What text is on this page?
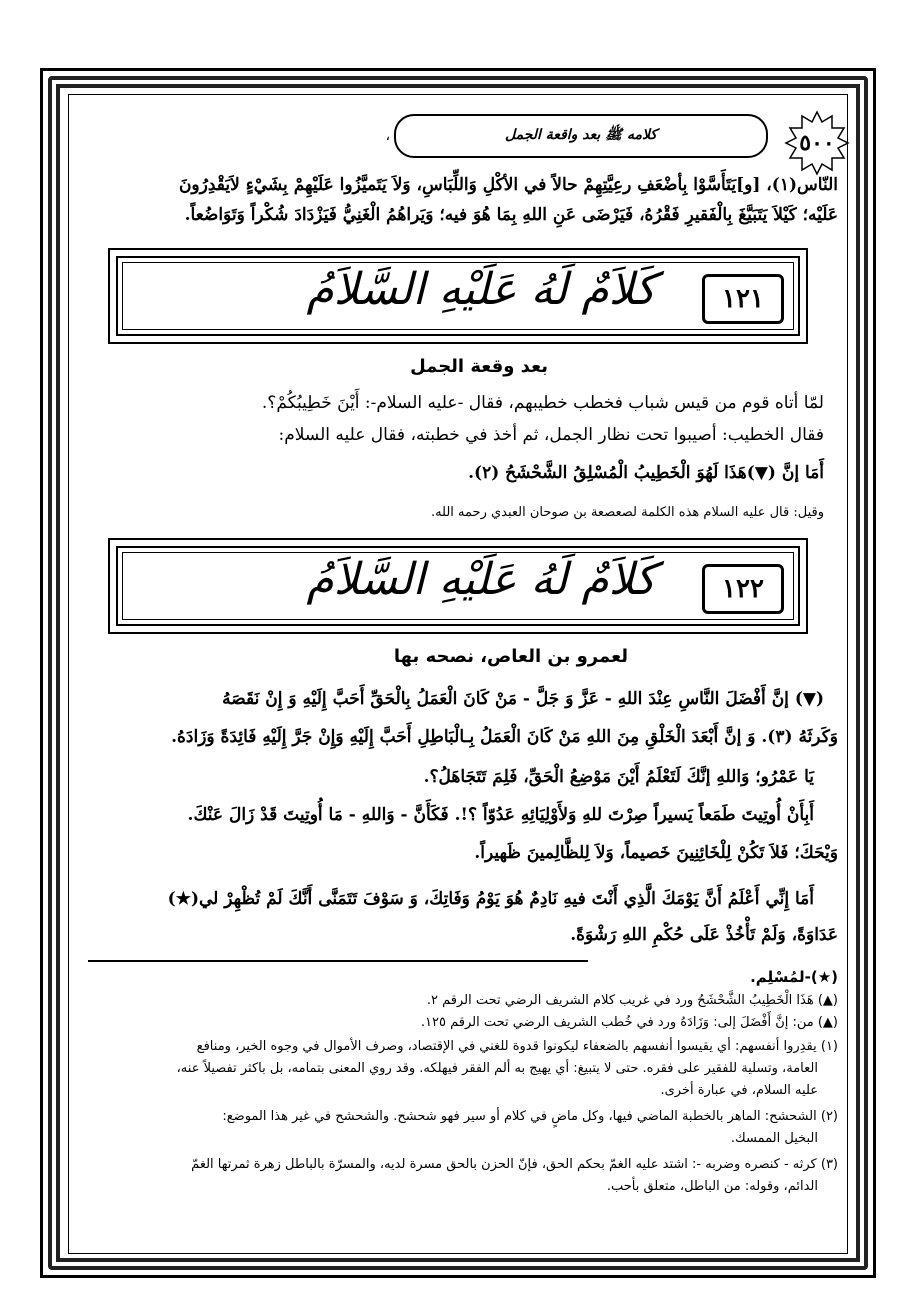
٥٠٠
كلامه ﷺ بعد واقعة الجمل
،
النّاس(١)، [و]يَتَأَسَّوْا بِأضْعَفِ رعِيَّتِهِمْ حالاً في الأكْلِ وَاللِّبَاسِ، وَلاَ يَتَميَّزُوا عَلَيْهِمْ بِشَيْءٍ لاَيَقْدِرُونَ
عَلَيْه؛ كَيْلاَ يَتَبَيَّغَ بِالْفَقيرِ فَقْرُهُ، فَيَرْضَى عَنِ اللهِ بِمَا هُوَ فيه؛ وَيَراهُمُ الْغَنِيُّ فَيَزْدَادَ شُكْراً وَتَوَاضُعاً.
كَلاَمٌ لَهُ عَلَيْهِ السَّلاَمُ	١٢١
بعد وقعة الجمل
لمّا أتاه قوم من قيس شباب فخطب خطيبهم، فقال -عليه السلام-: أَيْنَ خَطِيبُكُمْ؟.
فقال الخطيب: أصيبوا تحت نظار الجمل، ثم أخذ في خطبته، فقال عليه السلام:
أَمَا إنَّ (▼)هَذَا لَهُوَ الْخَطِيبُ الْمُسْلِقُ الشَّحْشَحُ (٢).
وقيل: قال عليه السلام هذه الكلمة لصعصعة بن صوحان العبدي رحمه الله.
كَلاَمٌ لَهُ عَلَيْهِ السَّلاَمُ	١٢٢
لعمرو بن العاص، نصحه بها
(▼) إنَّ أَفْضَلَ النَّاسِ عِنْدَ اللهِ - عَزَّ وَ جَلَّ - مَنْ كَانَ الْعَمَلُ بِالْحَقِّ أَحَبَّ إِلَيْهِ وَ إِنْ نَقَصَهُ
وَكَرثَهُ (٣). وَ إنَّ أَبْعَدَ الْخَلْقِ مِنَ اللهِ مَنْ كَانَ الْعَمَلُ بِـالْبَاطِلِ أَحَبَّ إِلَيْهِ وَإِنْ جَرَّ إِلَيْهِ فَائِدَةً وَزَادَهُ.
يَا عَمْرُو؛ وَاللهِ إنَّكَ لَتَعْلَمُ أَيْنَ مَوْضِعُ الْحَقِّ، فَلِمَ تَتَجَاهَلُ؟.
أَبِأَنْ أُوتِيتَ طَمَعاً يَسيراً صِرْتَ للهِ وَلأَوْلِيَائِهِ عَدُوّاً ؟!. فَكَأَنَّ - وَاللهِ - مَا أُوتِيتَ قَدْ زَالَ عَنْكَ.
وَيْحَكَ؛ فَلاَ تَكُنْ لِلْخَائِنِينَ خَصيماً، وَلاَ لِلظَّالِمينَ ظَهيراً.
أَمَا إِنِّي أَعْلَمُ أَنَّ يَوْمَكَ الَّذِي أَنْتَ فيهِ نَادِمٌ هُوَ يَوْمُ وَفَاتِكَ، وَ سَوْفَ تَتَمَنَّى أَنَّكَ لَمْ تُظْهِرْ لي(★)
عَدَاوَةً، وَلَمْ تَأْخُذْ عَلَى حُكْمِ اللهِ رَشْوَةً.
(★)-لمُسْلِم.
(▲) هَذَا الْخَطِيبُ الشَّحْشَحُ ورد في غريب كلام الشريف الرضي تحت الرقم ٢.
(▲) من: إنَّ أَفْضَلَ إلى: وَزَادَهُ ورد في خُطب الشريف الرضي تحت الرقم ١٢٥.
(١) يقدِروا أنفسهم: أي يقيسوا أنفسهم بالضعفاء ليكونوا قدوة للغني في الإقتصاد، وصرف الأموال في وجوه الخير، ومنافع
العامة، وتسلية للفقير على فقره. حتى لا يتبيغ: أي يهيج به ألم الفقر فيهلكه. وقد روي المعنى بتمامه، بل باكثر تفصيلاً عنه،
عليه السلام، في عبارة أخرى.
(٢) الشحشح: الماهر بالخطبة الماضي فيها، وكل ماضٍ في كلام أو سير فهو شحشح. والشحشح في غير هذا الموضع:
البخيل الممسك.
(٣) كرثه - كنصره وضربه -: اشتد عليه الغمّ بحكم الحق، فإنّ الحزن بالحق مسرة لديه، والمسرّة بالباطل زهرة ثمرتها الغمّ
الدائم، وقوله: من الباطل، متعلق بأحب.
